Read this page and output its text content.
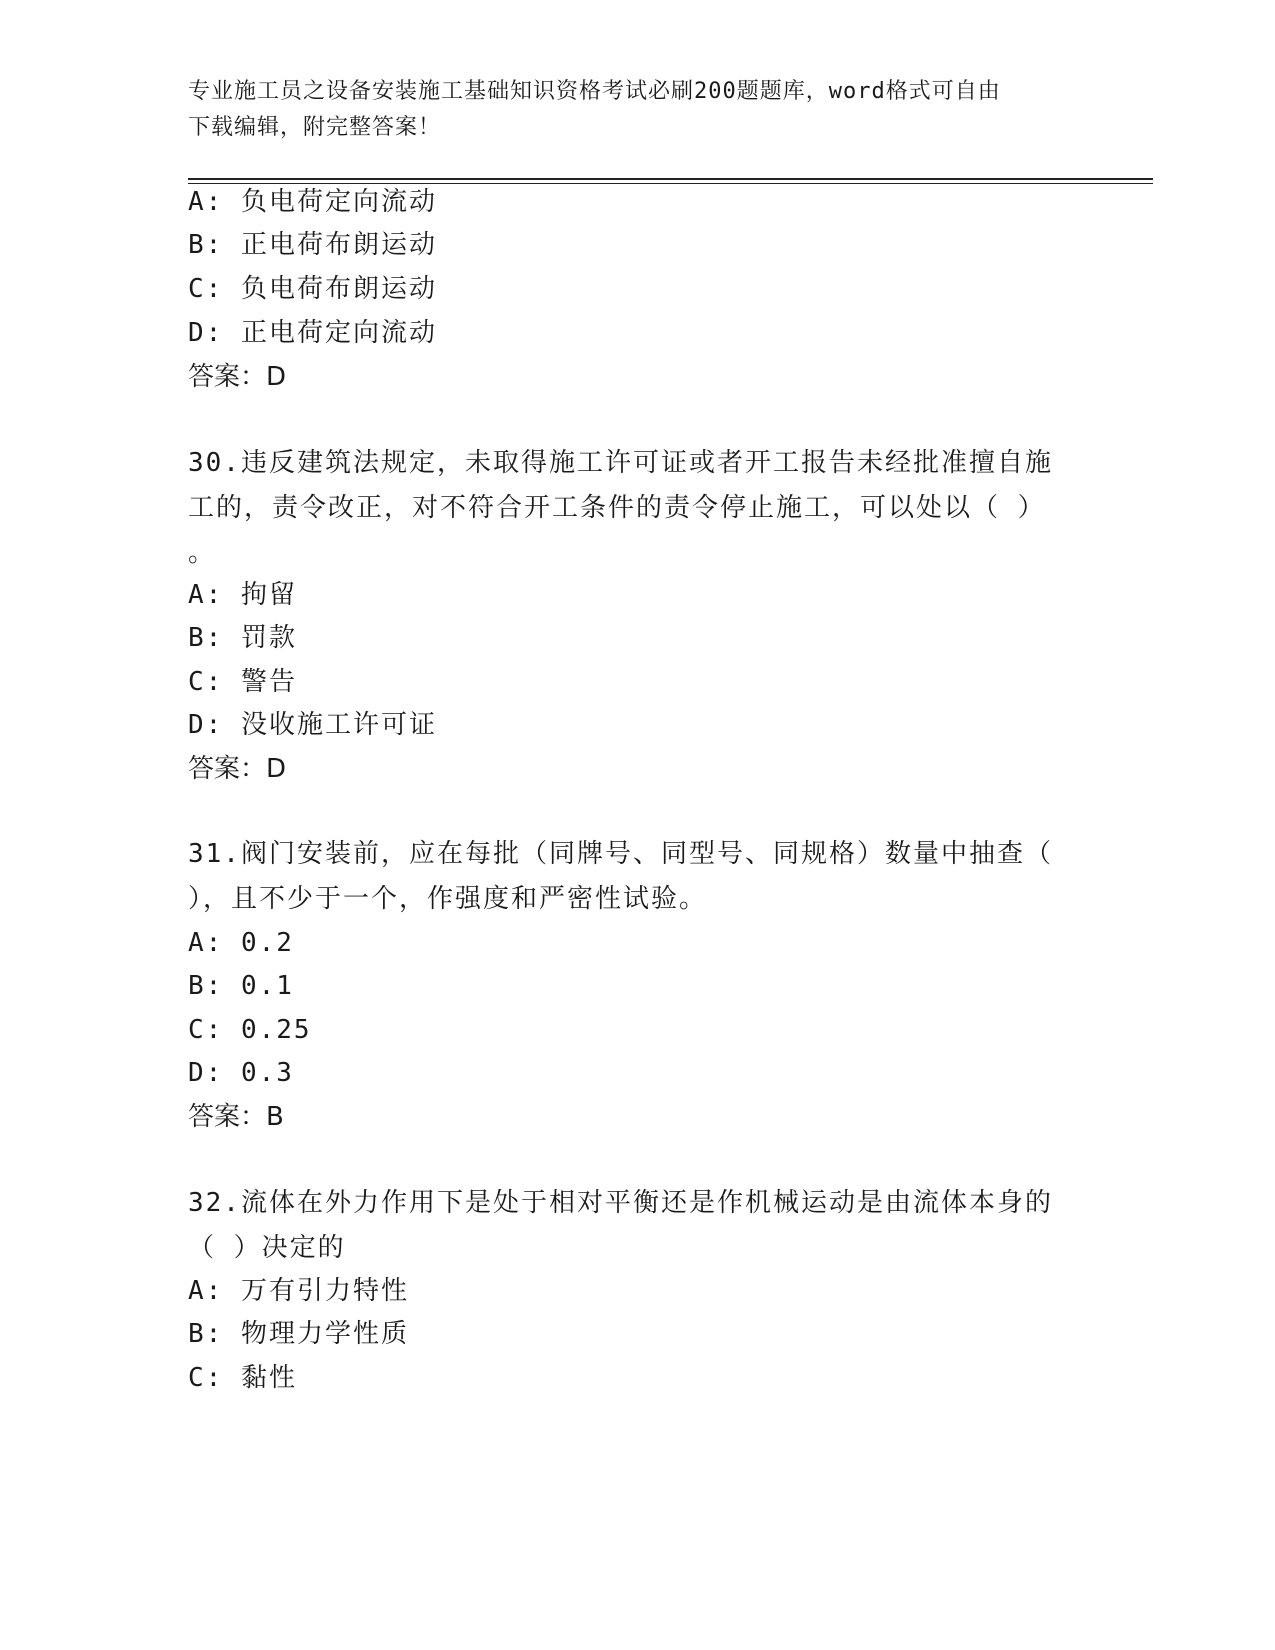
专业施工员之设备安装施工基础知识资格考试必刷200题题库，word格式可自由
下载编辑，附完整答案！
A: 负电荷定向流动
B: 正电荷布朗运动
C: 负电荷布朗运动
D: 正电荷定向流动
答案：D
30.违反建筑法规定，未取得施工许可证或者开工报告未经批准擅自施
工的，责令改正，对不符合开工条件的责令停止施工，可以处以（ ）
。
A: 拘留
B: 罚款
C: 警告
D: 没收施工许可证
答案：D
31.阀门安装前，应在每批（同牌号、同型号、同规格）数量中抽查（
），且不少于一个，作强度和严密性试验。
A: 0.2
B: 0.1
C: 0.25
D: 0.3
答案：B
32.流体在外力作用下是处于相对平衡还是作机械运动是由流体本身的
（ ）决定的
A: 万有引力特性
B: 物理力学性质
C: 黏性
